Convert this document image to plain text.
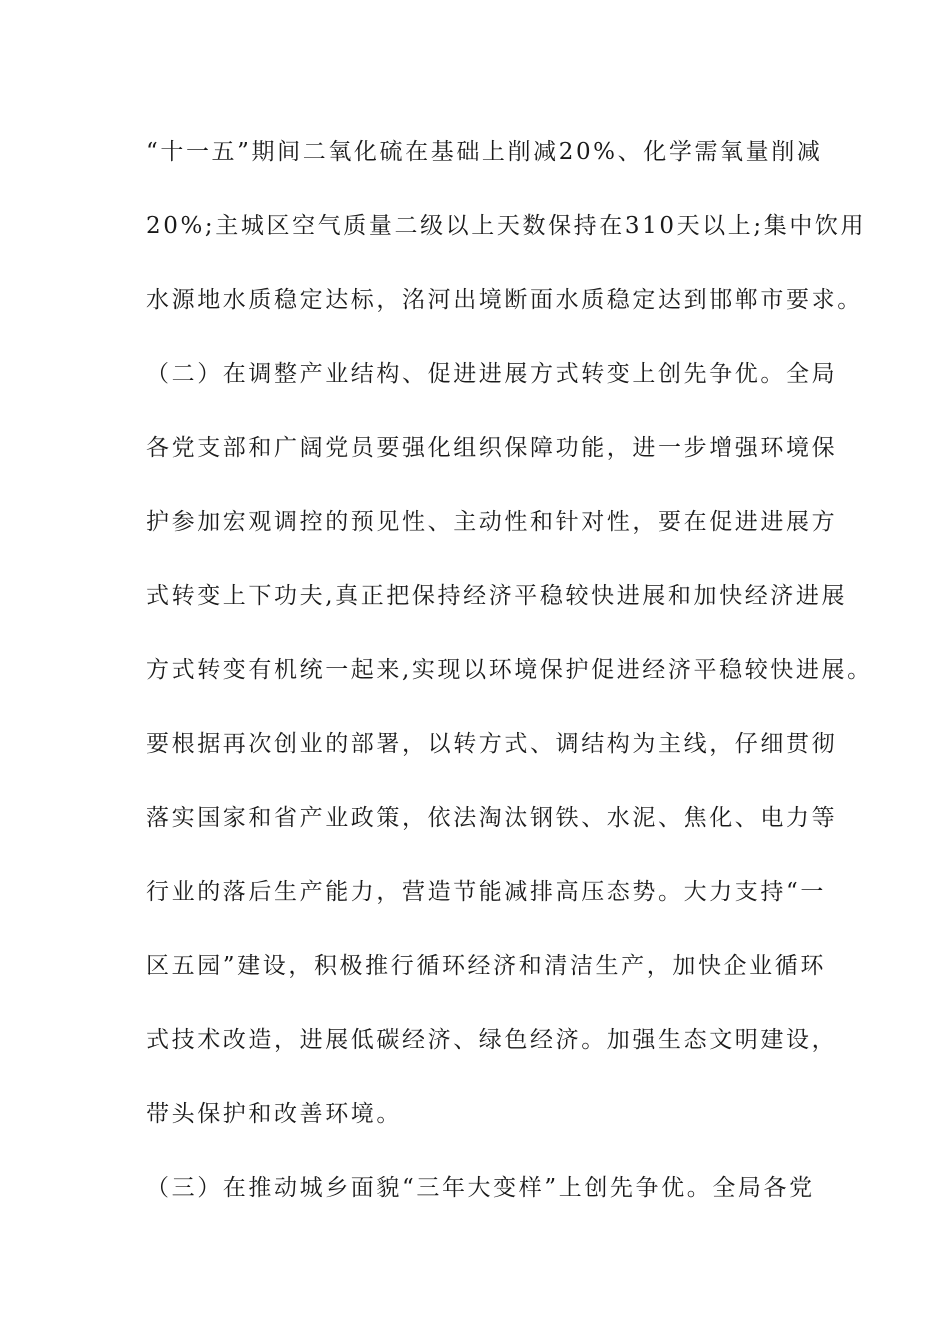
“十一五”期间二氧化硫在基础上削减20%、化学需氧量削减
20%;主城区空气质量二级以上天数保持在310天以上;集中饮用
水源地水质稳定达标，洺河出境断面水质稳定达到邯郸市要求。
（二）在调整产业结构、促进进展方式转变上创先争优。全局
各党支部和广阔党员要强化组织保障功能，进一步增强环境保
护参加宏观调控的预见性、主动性和针对性，要在促进进展方
式转变上下功夫,真正把保持经济平稳较快进展和加快经济进展
方式转变有机统一起来,实现以环境保护促进经济平稳较快进展。
要根据再次创业的部署，以转方式、调结构为主线，仔细贯彻
落实国家和省产业政策，依法淘汰钢铁、水泥、焦化、电力等
行业的落后生产能力，营造节能减排高压态势。大力支持“一
区五园”建设，积极推行循环经济和清洁生产，加快企业循环
式技术改造，进展低碳经济、绿色经济。加强生态文明建设，
带头保护和改善环境。
（三）在推动城乡面貌“三年大变样”上创先争优。全局各党
